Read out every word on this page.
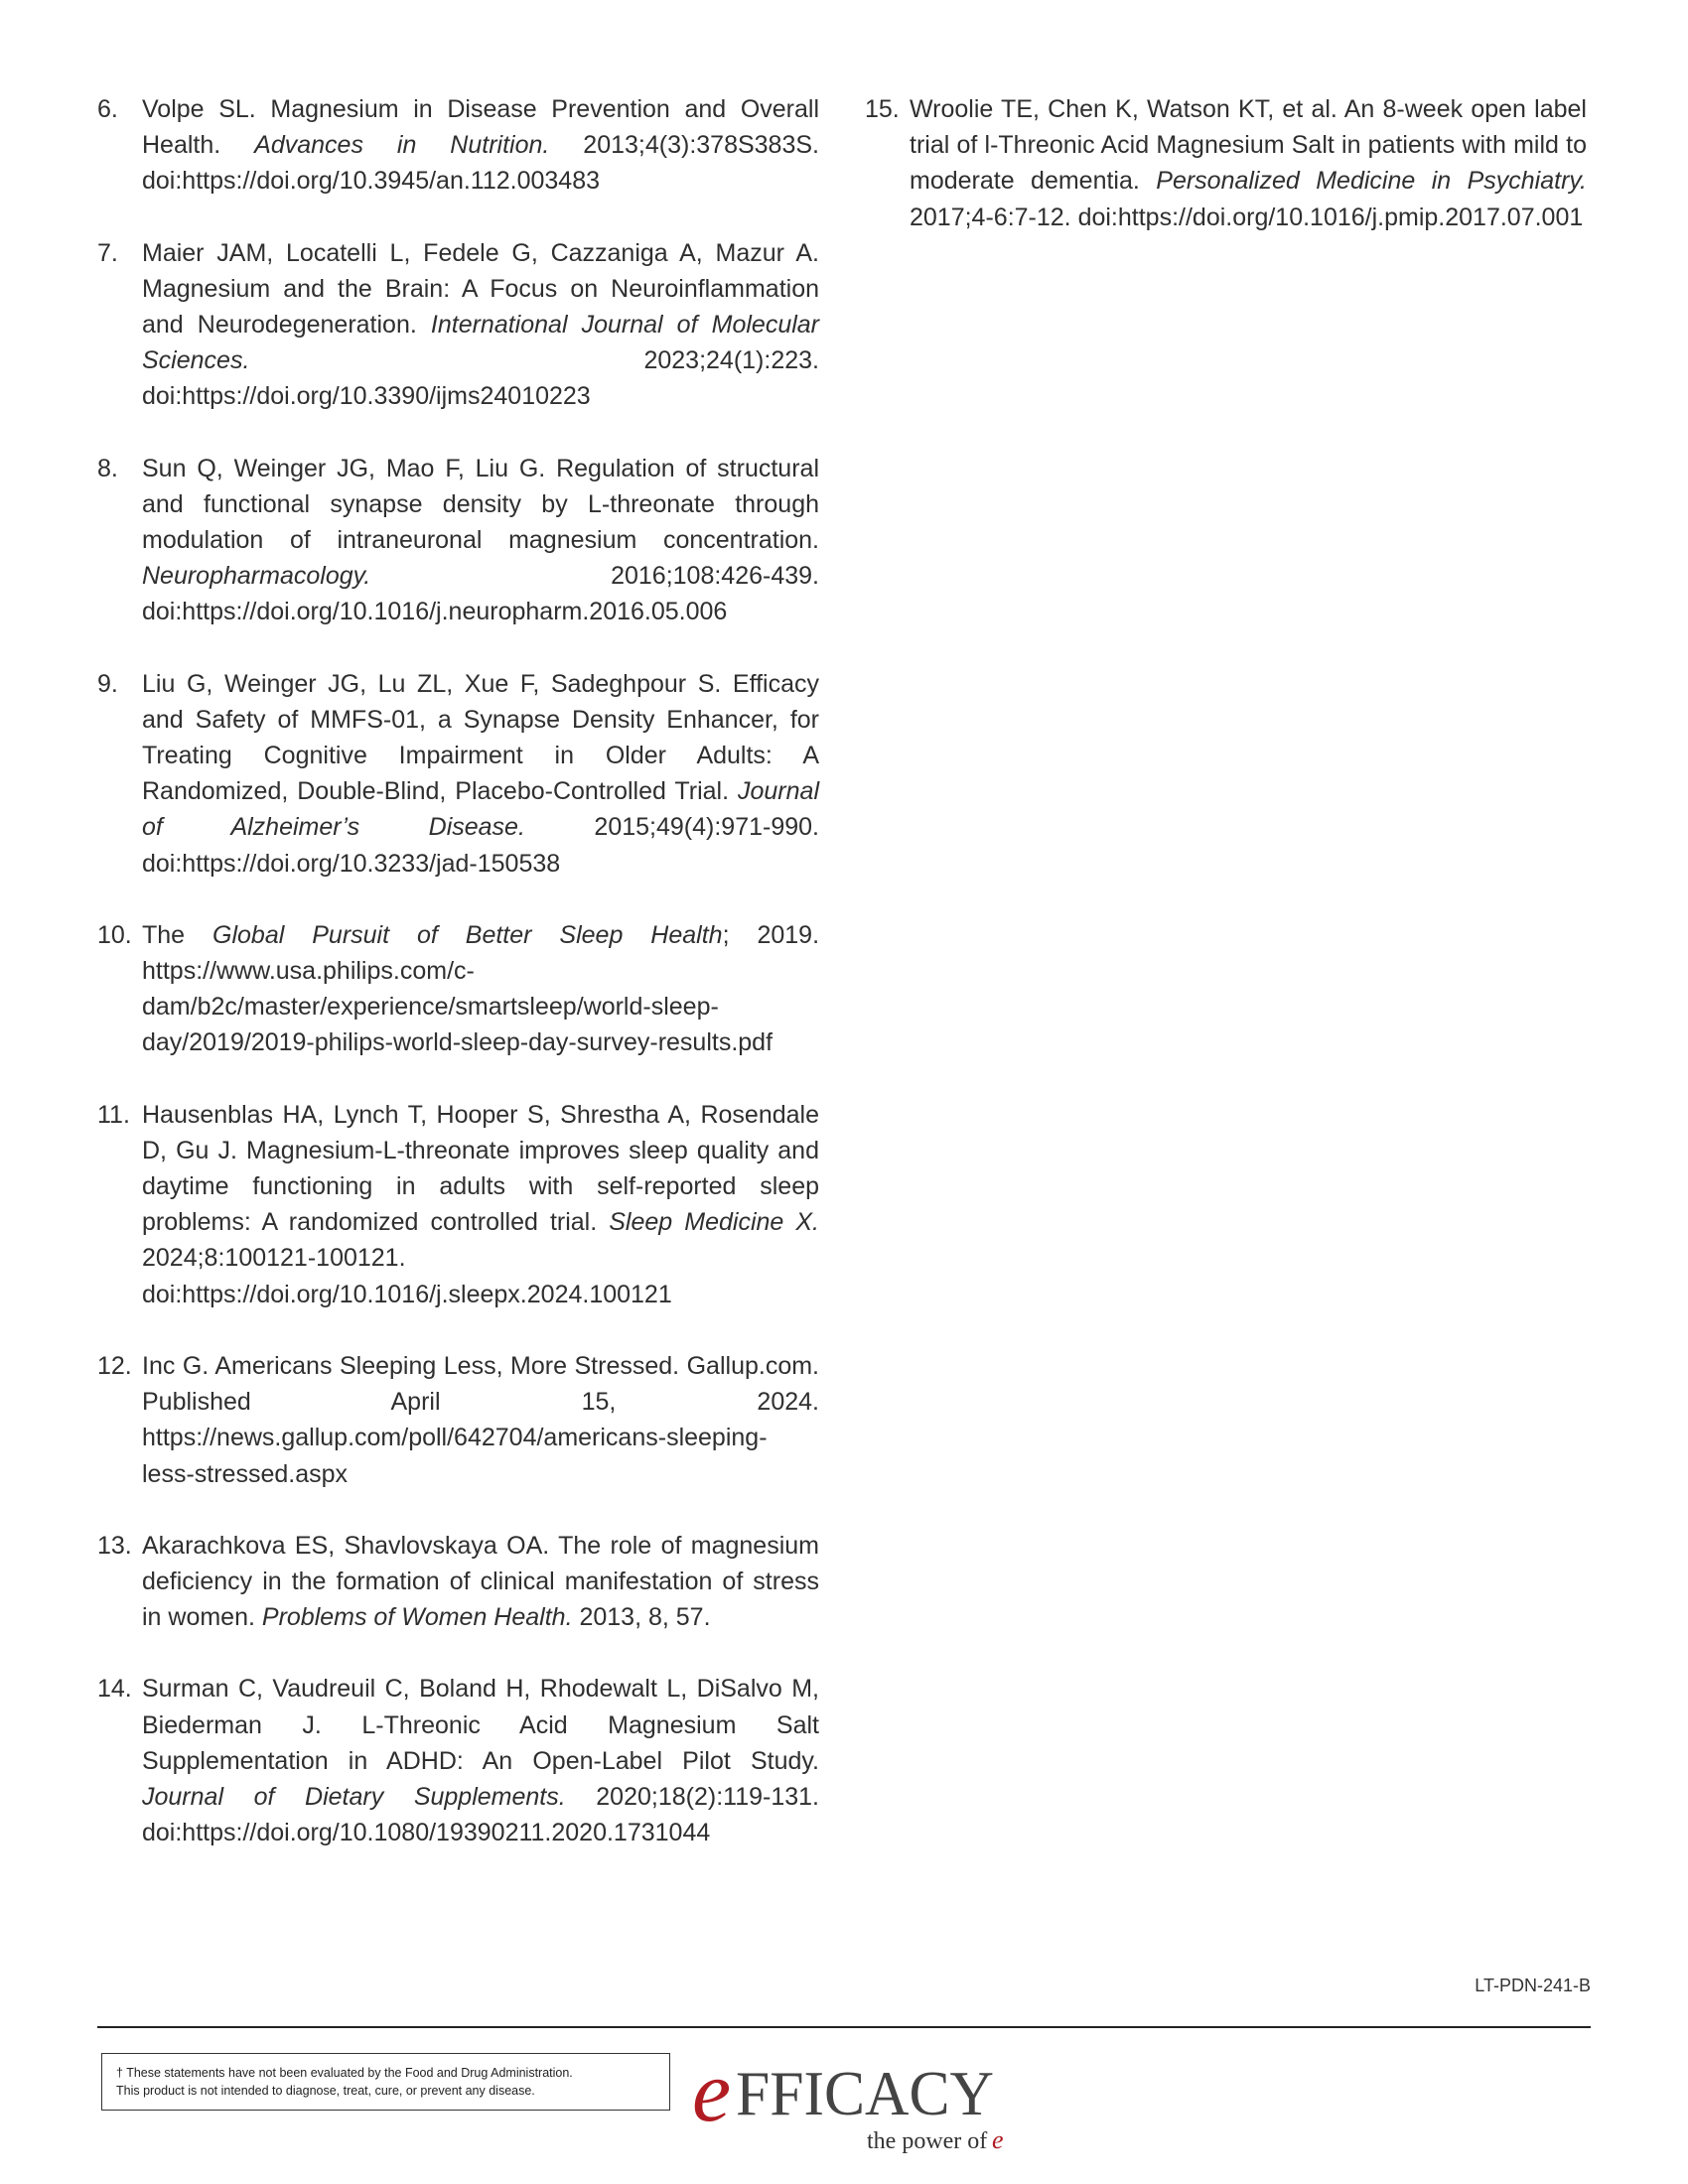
6. Volpe SL. Magnesium in Disease Prevention and Overall Health. Advances in Nutrition. 2013;4(3):378S383S. doi:https://doi.org/10.3945/an.112.003483
7. Maier JAM, Locatelli L, Fedele G, Cazzaniga A, Mazur A. Magnesium and the Brain: A Focus on Neuroinflammation and Neurodegeneration. International Journal of Molecular Sciences. 2023;24(1):223. doi:https://doi.org/10.3390/ijms24010223
8. Sun Q, Weinger JG, Mao F, Liu G. Regulation of structural and functional synapse density by L-threonate through modulation of intraneuronal magnesium concentration. Neuropharmacology. 2016;108:426-439. doi:https://doi.org/10.1016/j.neuropharm.2016.05.006
9. Liu G, Weinger JG, Lu ZL, Xue F, Sadeghpour S. Efficacy and Safety of MMFS-01, a Synapse Density Enhancer, for Treating Cognitive Impairment in Older Adults: A Randomized, Double-Blind, Placebo-Controlled Trial. Journal of Alzheimer’s Disease. 2015;49(4):971-990. doi:https://doi.org/10.3233/jad-150538
10. The Global Pursuit of Better Sleep Health; 2019. https://www.usa.philips.com/c-dam/b2c/master/experience/smartsleep/world-sleep-day/2019/2019-philips-world-sleep-day-survey-results.pdf
11. Hausenblas HA, Lynch T, Hooper S, Shrestha A, Rosendale D, Gu J. Magnesium-L-threonate improves sleep quality and daytime functioning in adults with self-reported sleep problems: A randomized controlled trial. Sleep Medicine X. 2024;8:100121-100121. doi:https://doi.org/10.1016/j.sleepx.2024.100121
12. Inc G. Americans Sleeping Less, More Stressed. Gallup.com. Published April 15, 2024. https://news.gallup.com/poll/642704/americans-sleeping-less-stressed.aspx
13. Akarachkova ES, Shavlovskaya OA. The role of magnesium deficiency in the formation of clinical manifestation of stress in women. Problems of Women Health. 2013, 8, 57.
14. Surman C, Vaudreuil C, Boland H, Rhodewalt L, DiSalvo M, Biederman J. L-Threonic Acid Magnesium Salt Supplementation in ADHD: An Open-Label Pilot Study. Journal of Dietary Supplements. 2020;18(2):119-131. doi:https://doi.org/10.1080/19390211.2020.1731044
15. Wroolie TE, Chen K, Watson KT, et al. An 8-week open label trial of l-Threonic Acid Magnesium Salt in patients with mild to moderate dementia. Personalized Medicine in Psychiatry. 2017;4-6:7-12. doi:https://doi.org/10.1016/j.pmip.2017.07.001
LT-PDN-241-B
† These statements have not been evaluated by the Food and Drug Administration.
This product is not intended to diagnose, treat, cure, or prevent any disease.	e FFICACY
the power of e
